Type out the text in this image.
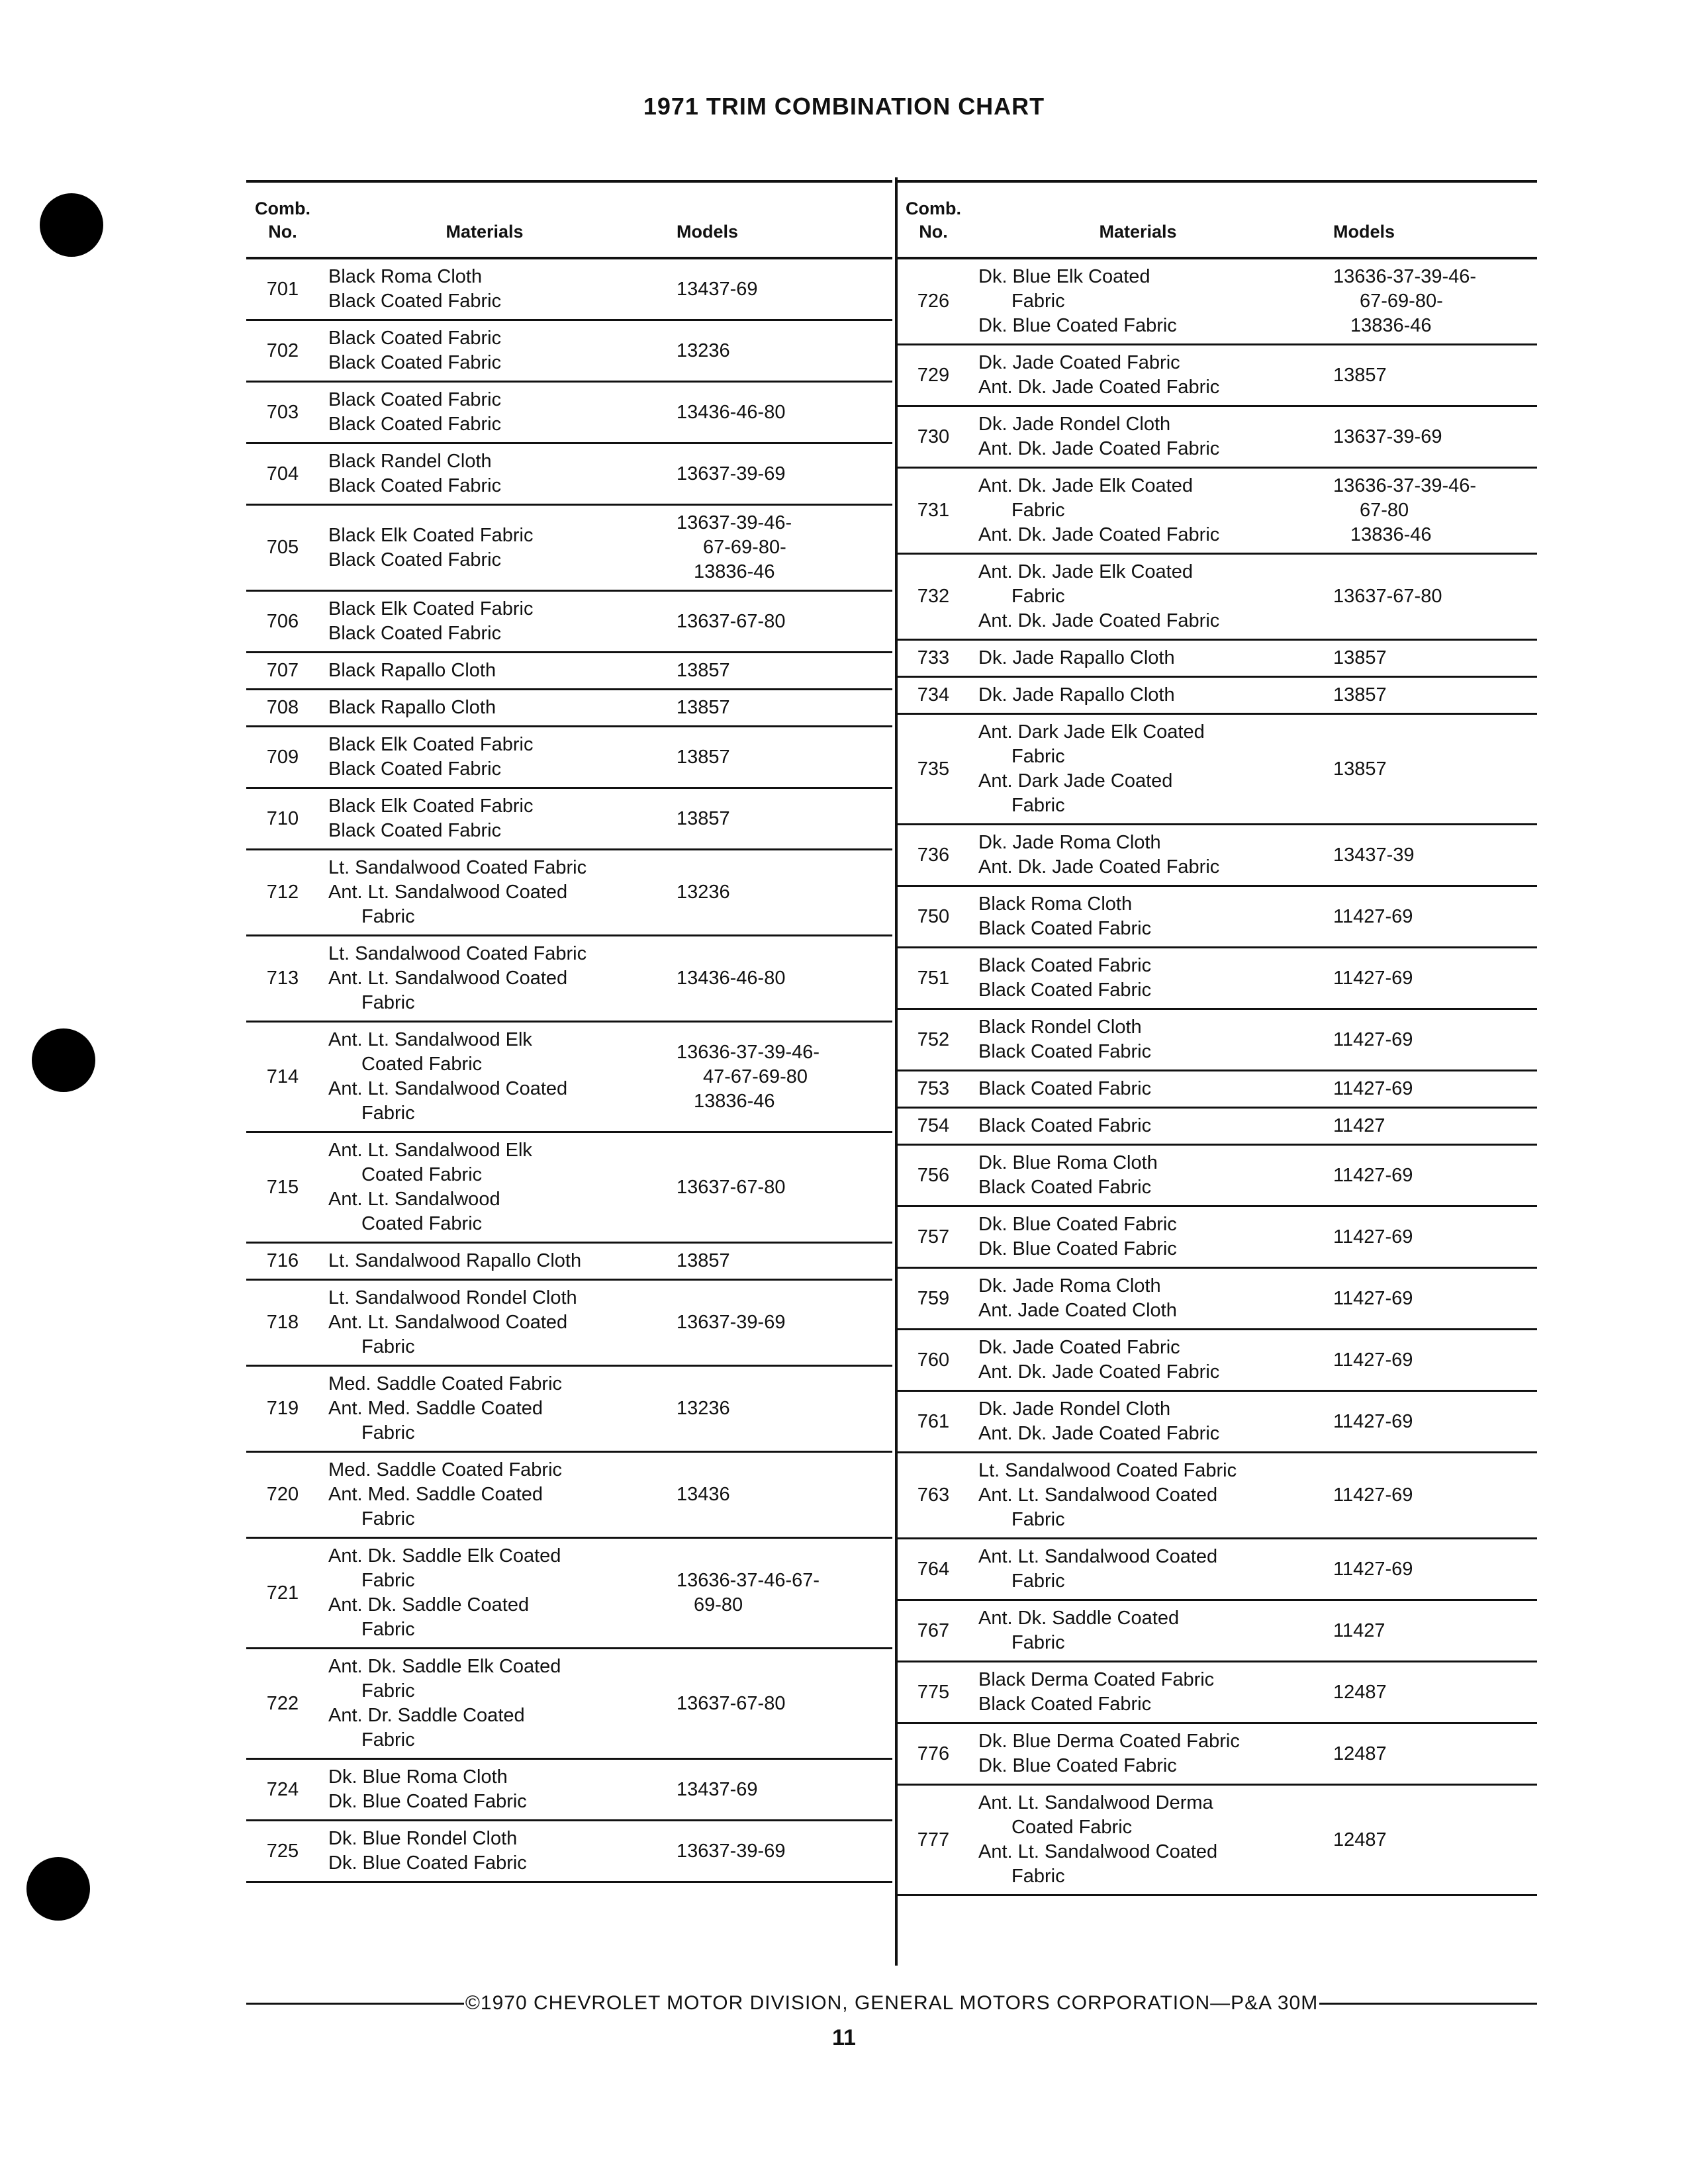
1971 TRIM COMBINATION CHART
Comb.
No.	Materials	Models
701	Black Roma Cloth
Black Coated Fabric	13437-69

702	Black Coated Fabric
Black Coated Fabric	13236

703	Black Coated Fabric
Black Coated Fabric	13436-46-80

704	Black Randel Cloth
Black Coated Fabric	13637-39-69

705	Black Elk Coated Fabric
Black Coated Fabric	13637-39-46-
67-69-80-
13836-46

706	Black Elk Coated Fabric
Black Coated Fabric	13637-67-80

707	Black Rapallo Cloth	13857

708	Black Rapallo Cloth	13857

709	Black Elk Coated Fabric
Black Coated Fabric	13857

710	Black Elk Coated Fabric
Black Coated Fabric	13857

712	Lt. Sandalwood Coated Fabric
Ant. Lt. Sandalwood Coated
Fabric	13236

713	Lt. Sandalwood Coated Fabric
Ant. Lt. Sandalwood Coated
Fabric	13436-46-80

714	Ant. Lt. Sandalwood Elk
Coated Fabric
Ant. Lt. Sandalwood Coated
Fabric	13636-37-39-46-
47-67-69-80
13836-46

715	Ant. Lt. Sandalwood Elk
Coated Fabric
Ant. Lt. Sandalwood
Coated Fabric	13637-67-80

716	Lt. Sandalwood Rapallo Cloth	13857

718	Lt. Sandalwood Rondel Cloth
Ant. Lt. Sandalwood Coated
Fabric	13637-39-69

719	Med. Saddle Coated Fabric
Ant. Med. Saddle Coated
Fabric	13236

720	Med. Saddle Coated Fabric
Ant. Med. Saddle Coated
Fabric	13436

721	Ant. Dk. Saddle Elk Coated
Fabric
Ant. Dk. Saddle Coated
Fabric	13636-37-46-67-
69-80

722	Ant. Dk. Saddle Elk Coated
Fabric
Ant. Dr. Saddle Coated
Fabric	13637-67-80

724	Dk. Blue Roma Cloth
Dk. Blue Coated Fabric	13437-69

725	Dk. Blue Rondel Cloth
Dk. Blue Coated Fabric	13637-39-69
Comb.
No.	Materials	Models
726	Dk. Blue Elk Coated
Fabric
Dk. Blue Coated Fabric	13636-37-39-46-
67-69-80-
13836-46

729	Dk. Jade Coated Fabric
Ant. Dk. Jade Coated Fabric	13857

730	Dk. Jade Rondel Cloth
Ant. Dk. Jade Coated Fabric	13637-39-69

731	Ant. Dk. Jade Elk Coated
Fabric
Ant. Dk. Jade Coated Fabric	13636-37-39-46-
67-80
13836-46

732	Ant. Dk. Jade Elk Coated
Fabric
Ant. Dk. Jade Coated Fabric	13637-67-80

733	Dk. Jade Rapallo Cloth	13857

734	Dk. Jade Rapallo Cloth	13857

735	Ant. Dark Jade Elk Coated
Fabric
Ant. Dark Jade Coated
Fabric	13857

736	Dk. Jade Roma Cloth
Ant. Dk. Jade Coated Fabric	13437-39

750	Black Roma Cloth
Black Coated Fabric	11427-69

751	Black Coated Fabric
Black Coated Fabric	11427-69

752	Black Rondel Cloth
Black Coated Fabric	11427-69

753	Black Coated Fabric	11427-69

754	Black Coated Fabric	11427

756	Dk. Blue Roma Cloth
Black Coated Fabric	11427-69

757	Dk. Blue Coated Fabric
Dk. Blue Coated Fabric	11427-69

759	Dk. Jade Roma Cloth
Ant. Jade Coated Cloth	11427-69

760	Dk. Jade Coated Fabric
Ant. Dk. Jade Coated Fabric	11427-69

761	Dk. Jade Rondel Cloth
Ant. Dk. Jade Coated Fabric	11427-69

763	Lt. Sandalwood Coated Fabric
Ant. Lt. Sandalwood Coated
Fabric	11427-69

764	Ant. Lt. Sandalwood Coated
Fabric	11427-69

767	Ant. Dk. Saddle Coated
Fabric	11427

775	Black Derma Coated Fabric
Black Coated Fabric	12487

776	Dk. Blue Derma Coated Fabric
Dk. Blue Coated Fabric	12487

777	Ant. Lt. Sandalwood Derma
Coated Fabric
Ant. Lt. Sandalwood Coated
Fabric	12487
©1970 CHEVROLET MOTOR DIVISION, GENERAL MOTORS CORPORATION—P&A 30M
11
